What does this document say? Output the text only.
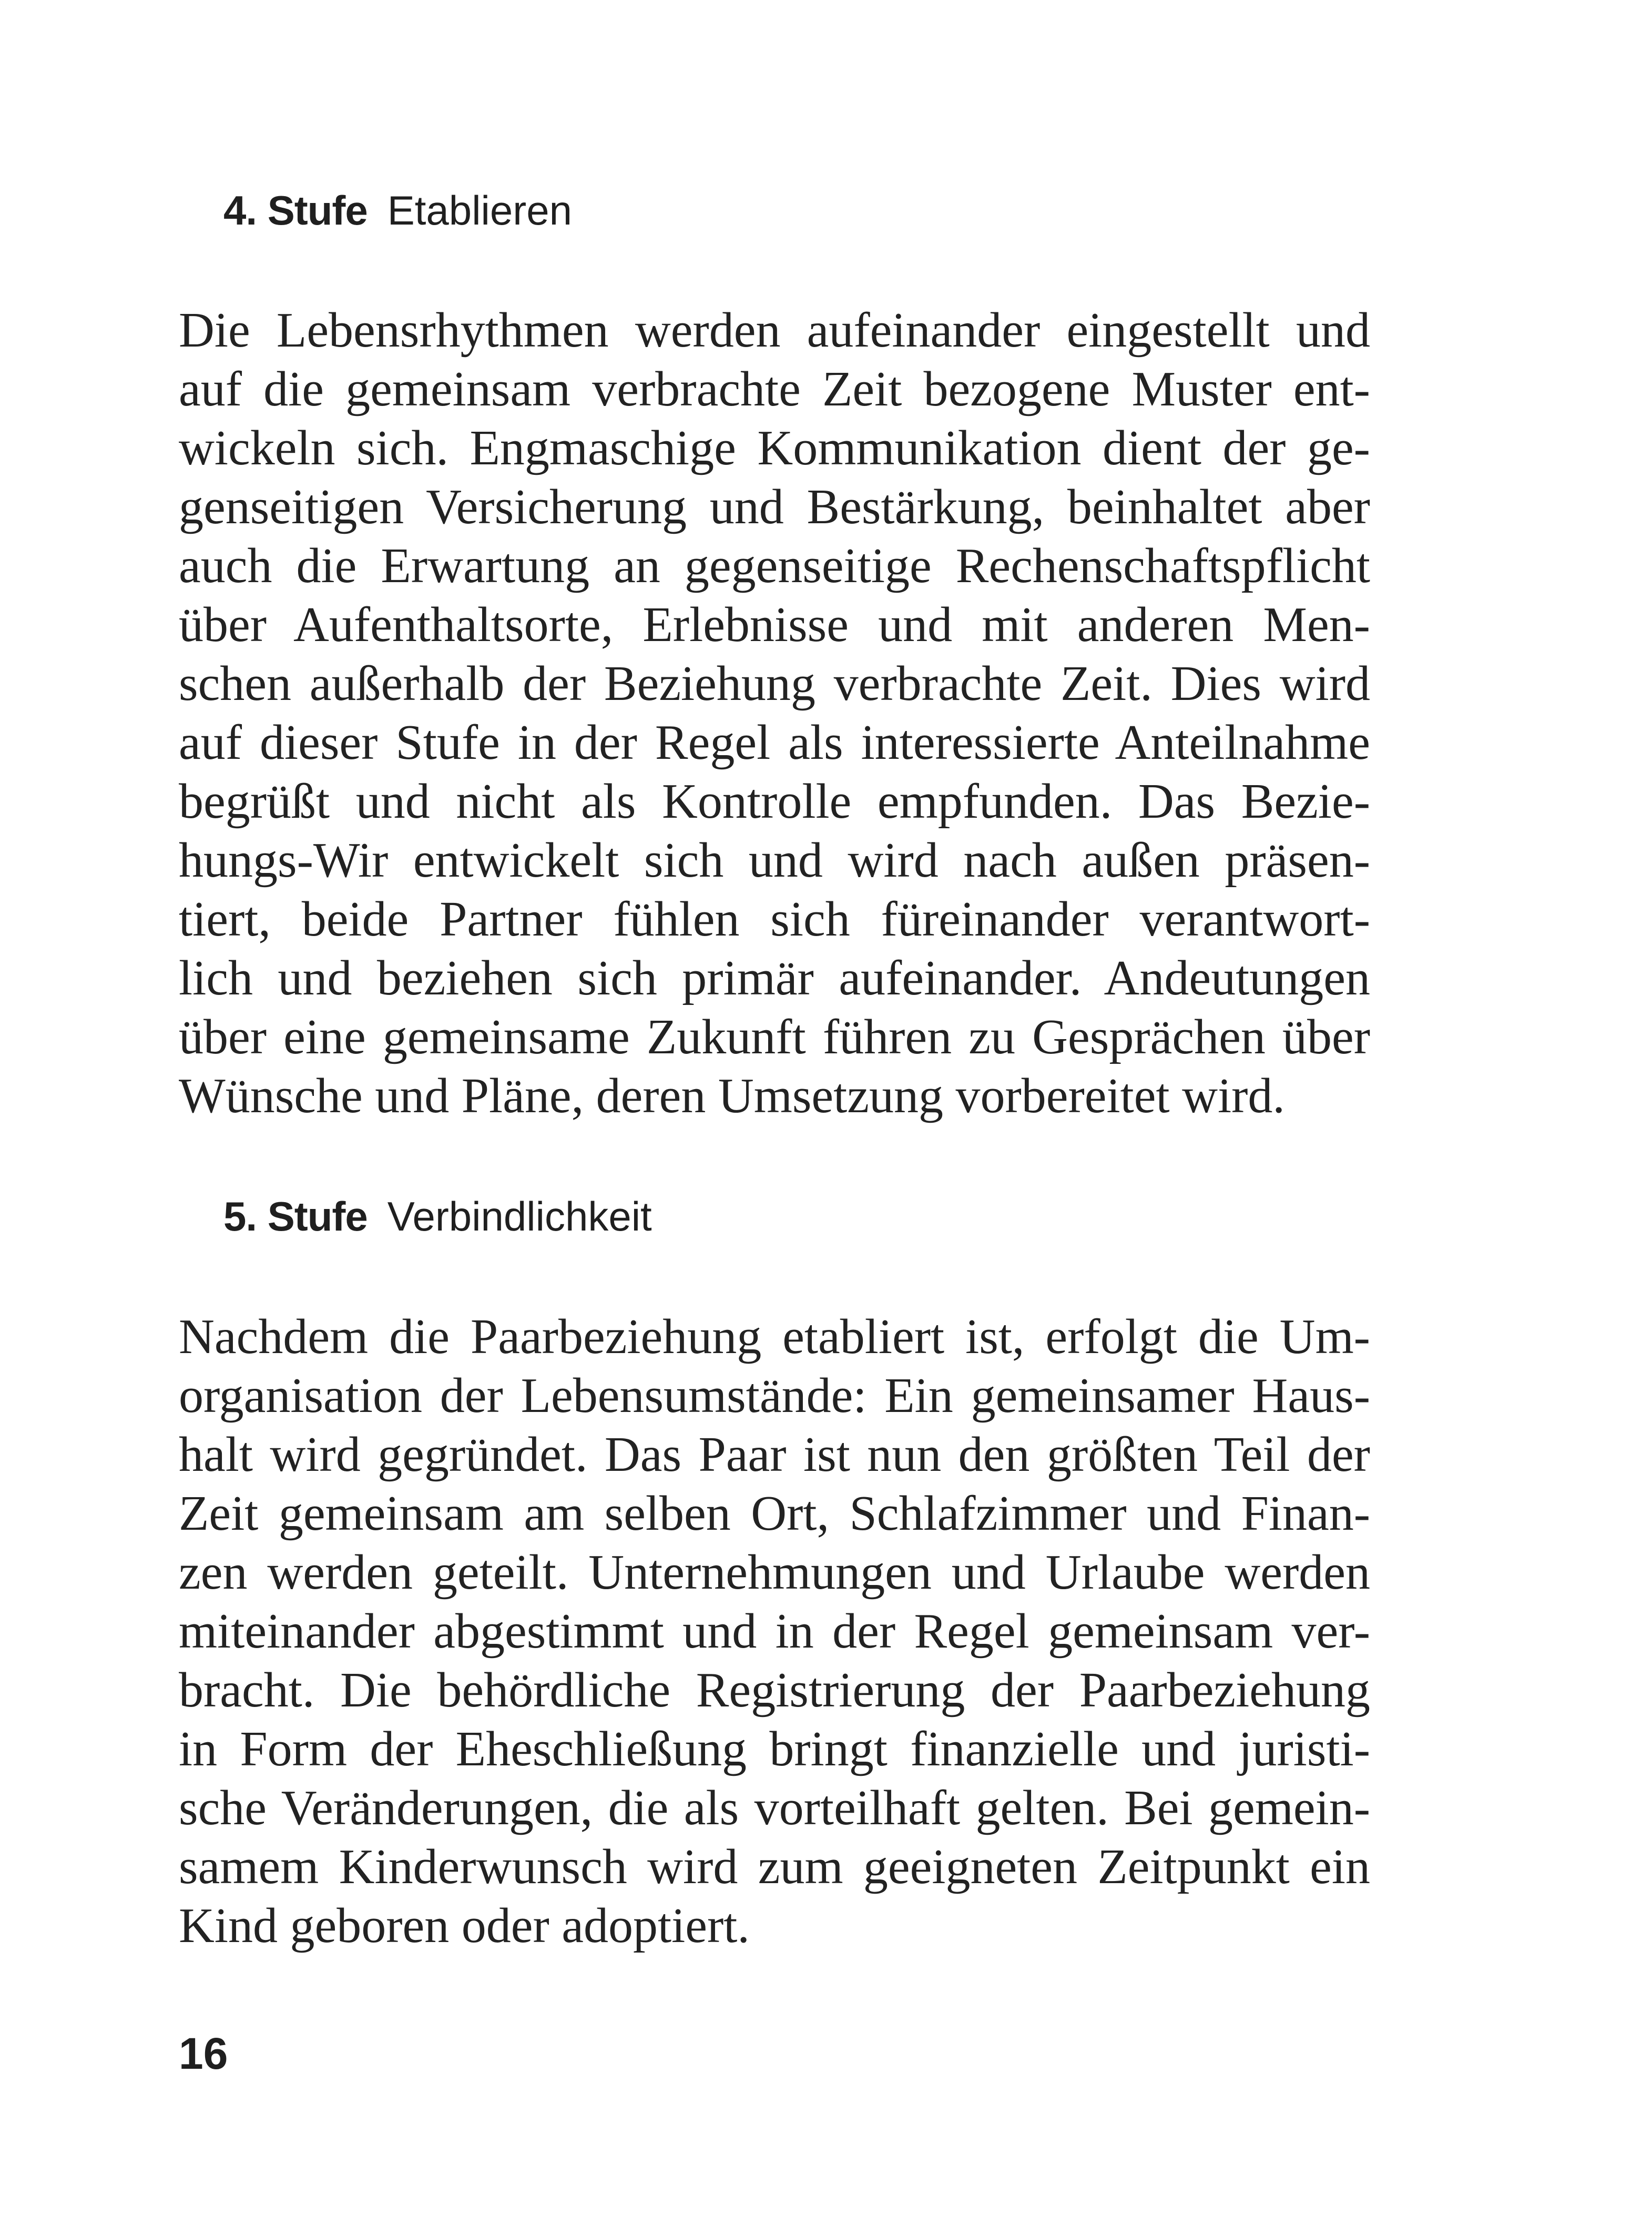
4. Stufe Etablieren
Die Lebensrhythmen werden aufeinander eingestellt und
auf die gemeinsam verbrachte Zeit bezogene Muster ent-
wickeln sich. Engmaschige Kommunikation dient der ge-
genseitigen Versicherung und Bestärkung, beinhaltet aber
auch die Erwartung an gegenseitige Rechenschaftspflicht
über Aufenthaltsorte, Erlebnisse und mit anderen Men-
schen außerhalb der Beziehung verbrachte Zeit. Dies wird
auf dieser Stufe in der Regel als interessierte Anteilnahme
begrüßt und nicht als Kontrolle empfunden. Das Bezie-
hungs-Wir entwickelt sich und wird nach außen präsen-
tiert, beide Partner fühlen sich füreinander verantwort-
lich und beziehen sich primär aufeinander. Andeutungen
über eine gemeinsame Zukunft führen zu Gesprächen über
Wünsche und Pläne, deren Umsetzung vorbereitet wird.
5. Stufe Verbindlichkeit
Nachdem die Paarbeziehung etabliert ist, erfolgt die Um-
organisation der Lebensumstände: Ein gemeinsamer Haus-
halt wird gegründet. Das Paar ist nun den größten Teil der
Zeit gemeinsam am selben Ort, Schlafzimmer und Finan-
zen werden geteilt. Unternehmungen und Urlaube werden
miteinander abgestimmt und in der Regel gemeinsam ver-
bracht. Die behördliche Registrierung der Paarbeziehung
in Form der Eheschließung bringt finanzielle und juristi-
sche Veränderungen, die als vorteilhaft gelten. Bei gemein-
samem Kinderwunsch wird zum geeigneten Zeitpunkt ein
Kind geboren oder adoptiert.
16
